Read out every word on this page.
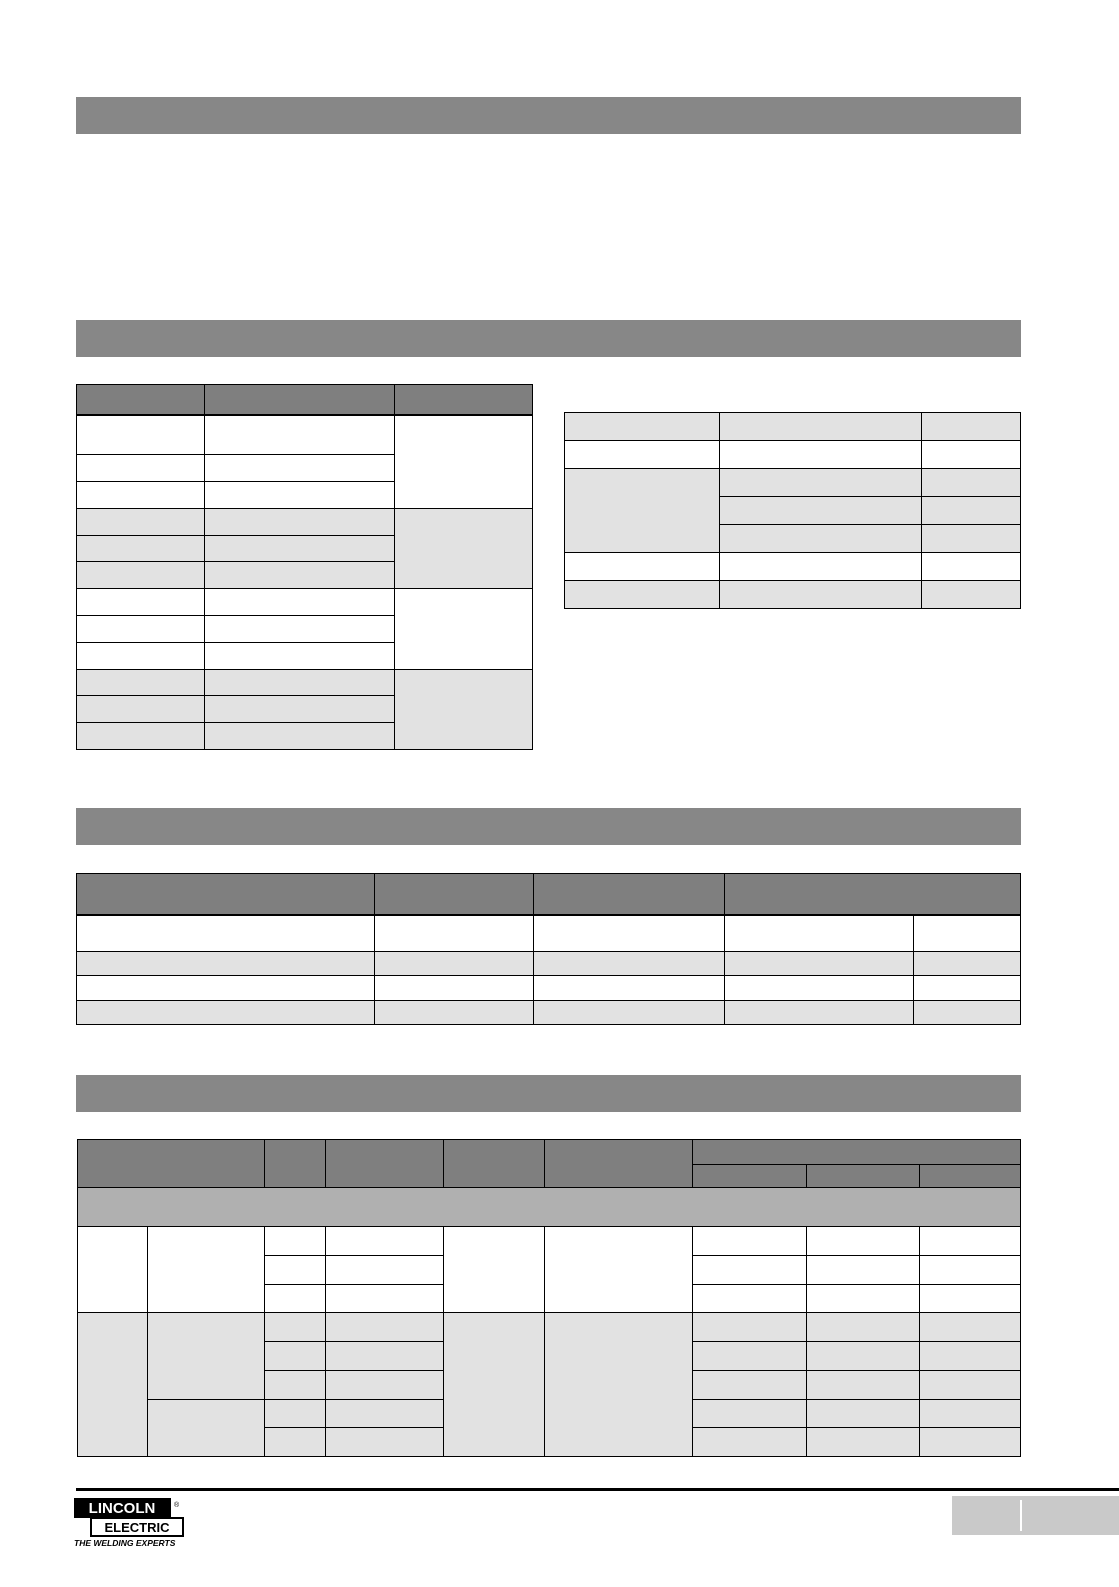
LINCOLN	®
ELECTRIC
THE WELDING EXPERTS
